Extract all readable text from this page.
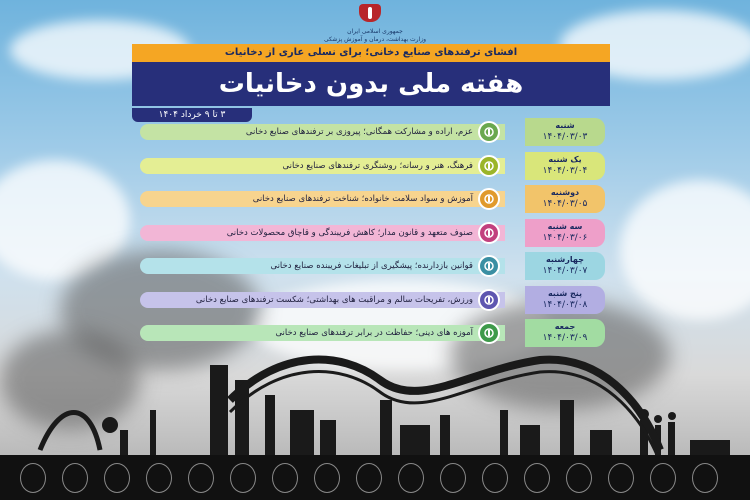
جمهوری اسلامی ایران
وزارت بهداشت، درمان و آموزش پزشکی
افشای ترفندهای صنایع دخانی؛ برای نسلی عاری از دخانیات
هفته ملی بدون دخانیات
۳ تا ۹ خرداد ۱۴۰۴
عزم، اراده و مشارکت همگانی؛ پیروزی بر ترفندهای صنایع دخانی
شنبه
۱۴۰۴/۰۳/۰۳
فرهنگ، هنر و رسانه؛ روشنگری ترفندهای صنایع دخانی
یک شنبه
۱۴۰۴/۰۳/۰۴
آموزش و سواد سلامت خانواده؛ شناخت ترفندهای صنایع دخانی
دوشنبه
۱۴۰۴/۰۳/۰۵
صنوف متعهد و قانون مدار؛ کاهش فریبندگی و قاچاق محصولات دخانی
سه شنبه
۱۴۰۴/۰۳/۰۶
قوانین بازدارنده؛ پیشگیری از تبلیغات فریبنده صنایع دخانی
چهارشنبه
۱۴۰۴/۰۳/۰۷
ورزش، تفریحات سالم و مراقبت های بهداشتی؛ شکست ترفندهای صنایع دخانی
پنج شنبه
۱۴۰۴/۰۳/۰۸
آموزه های دینی؛ حفاظت در برابر ترفندهای صنایع دخانی
جمعه
۱۴۰۴/۰۳/۰۹
